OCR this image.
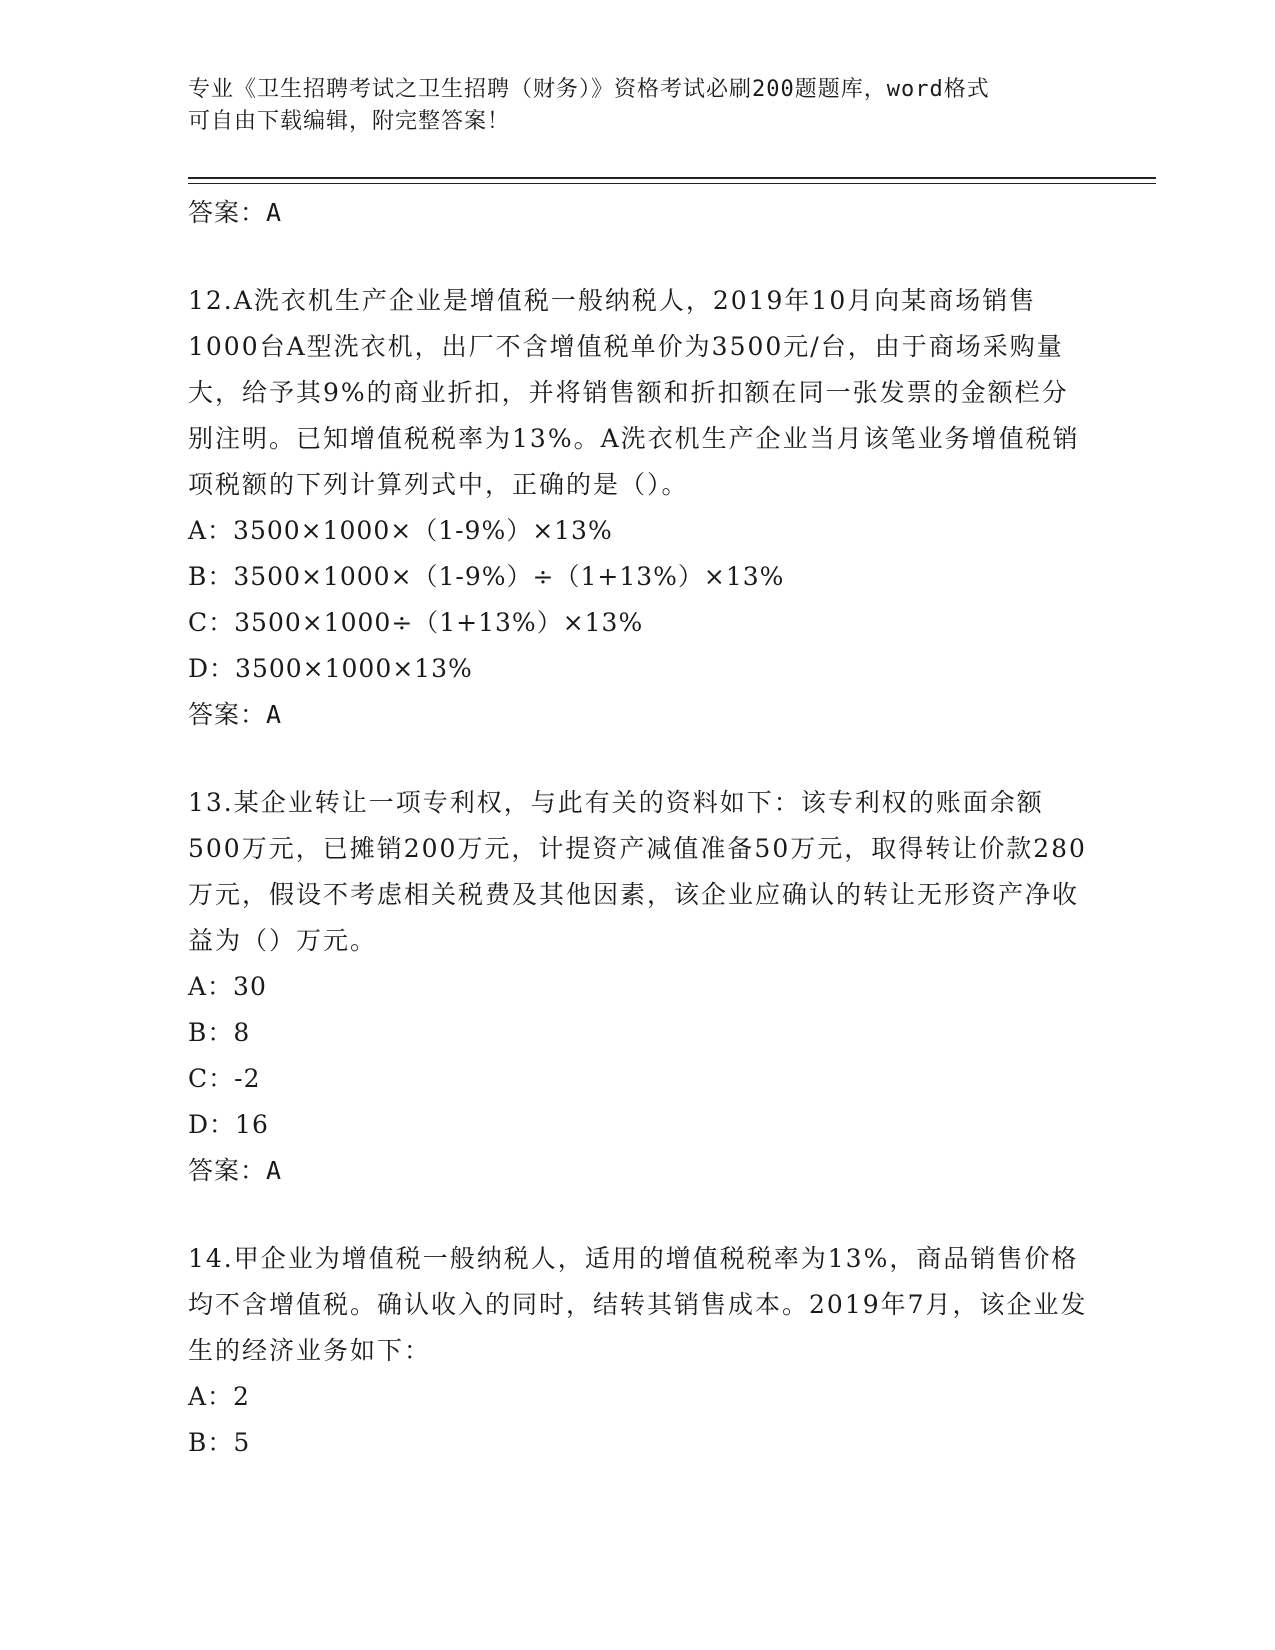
专业《卫生招聘考试之卫生招聘（财务）》资格考试必刷200题题库，word格式
可自由下载编辑，附完整答案！
答案：A
12.A洗衣机生产企业是增值税一般纳税人，2019年10月向某商场销售1000台A型洗衣机，出厂不含增值税单价为3500元/台，由于商场采购量大，给予其9%的商业折扣，并将销售额和折扣额在同一张发票的金额栏分别注明。已知增值税税率为13%。A洗衣机生产企业当月该笔业务增值税销项税额的下列计算列式中，正确的是（）。
A：3500×1000×（1-9%）×13%
B：3500×1000×（1-9%）÷（1+13%）×13%
C：3500×1000÷（1+13%）×13%
D：3500×1000×13%
答案：A
13.某企业转让一项专利权，与此有关的资料如下：该专利权的账面余额500万元，已摊销200万元，计提资产减值准备50万元，取得转让价款280万元，假设不考虑相关税费及其他因素，该企业应确认的转让无形资产净收益为（）万元。
A：30
B：8
C：-2
D：16
答案：A
14.甲企业为增值税一般纳税人，适用的增值税税率为13%，商品销售价格均不含增值税。确认收入的同时，结转其销售成本。2019年7月，该企业发生的经济业务如下：
A：2
B：5
